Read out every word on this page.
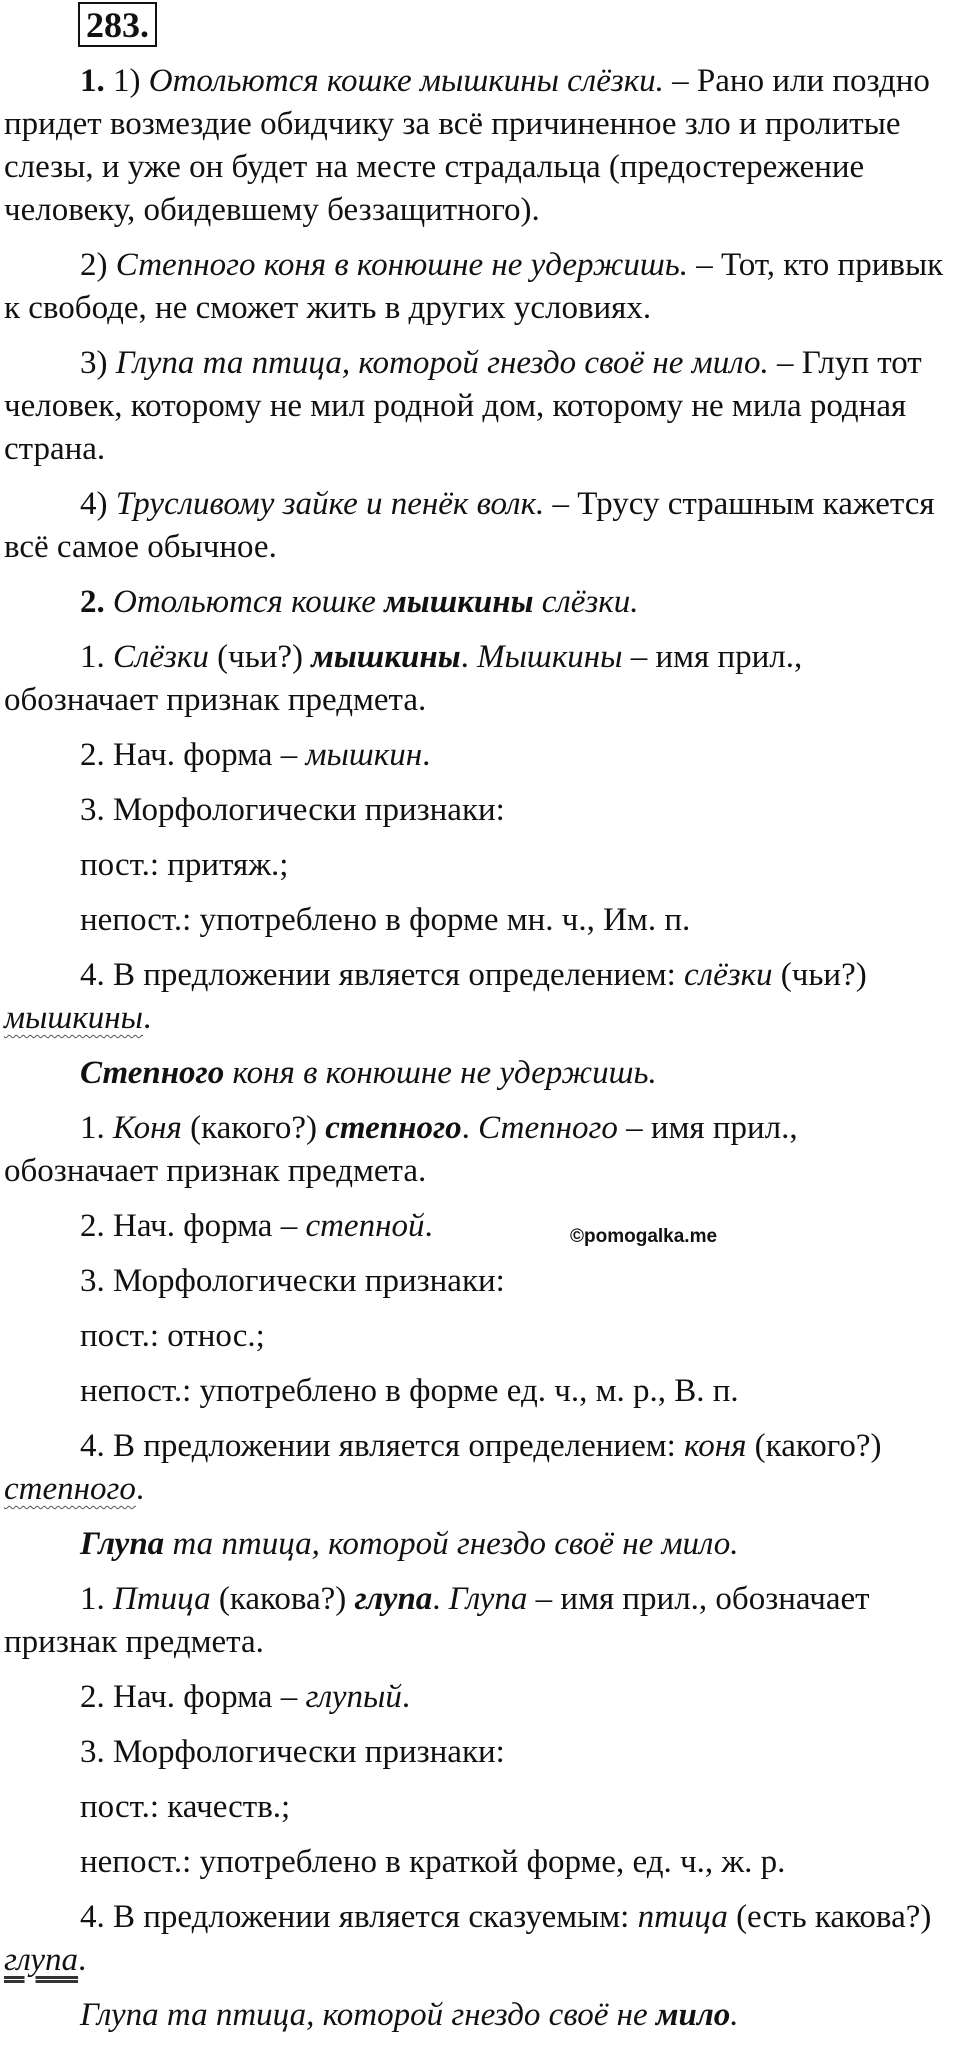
283.

1. 1) Отольются кошке мышкины слёзки. – Рано или поздно придет возмездие обидчику за всё причиненное зло и пролитые слезы, и уже он будет на месте страдальца (предостережение человеку, обидевшему беззащитного).

2) Степного коня в конюшне не удержишь. – Тот, кто привык к свободе, не сможет жить в других условиях.

3) Глупа та птица, которой гнездо своё не мило. – Глуп тот человек, которому не мил родной дом, которому не мила родная страна.

4) Трусливому зайке и пенёк волк. – Трусу страшным кажется всё самое обычное.

2. Отольются кошке мышкины слёзки.

1. Слёзки (чьи?) мышкины. Мышкины – имя прил., обозначает признак предмета.

2. Нач. форма – мышкин.

3. Морфологически признаки:

пост.: притяж.;

непост.: употреблено в форме мн. ч., Им. п.

4. В предложении является определением: слёзки (чьи?) мышкины.

Степного коня в конюшне не удержишь.

1. Коня (какого?) степного. Степного – имя прил., обозначает признак предмета.

2. Нач. форма – степной.

3. Морфологически признаки:

пост.: относ.;

непост.: употреблено в форме ед. ч., м. р., В. п.

4. В предложении является определением: коня (какого?) степного.

Глупа та птица, которой гнездо своё не мило.

1. Птица (какова?) глупа. Глупа – имя прил., обозначает признак предмета.

2. Нач. форма – глупый.

3. Морфологически признаки:

пост.: качеств.;

непост.: употреблено в краткой форме, ед. ч., ж. р.

4. В предложении является сказуемым: птица (есть какова?) глупа.

Глупа та птица, которой гнездо своё не мило.

©pomogalka.me
